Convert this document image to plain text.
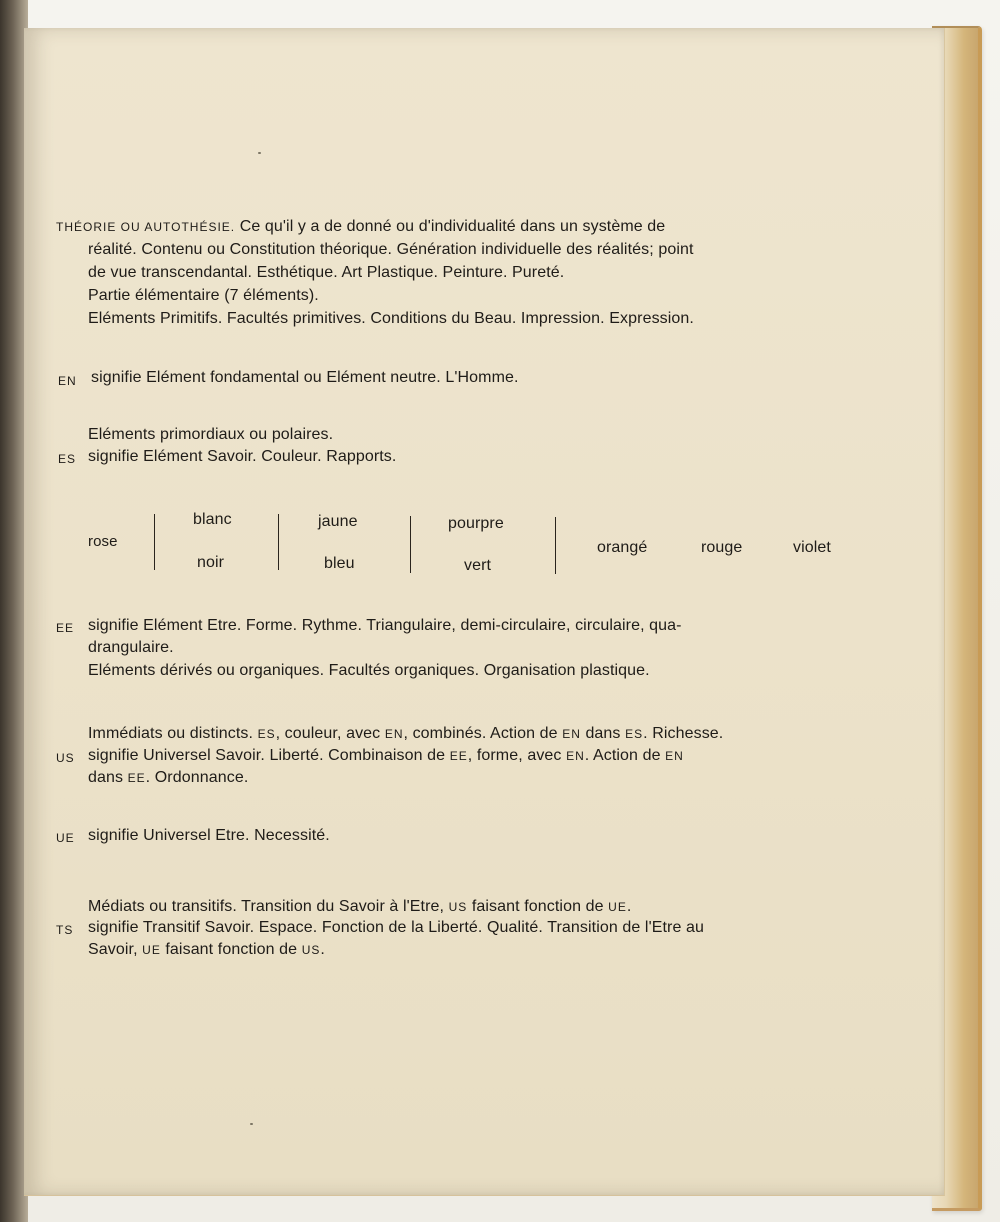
THÉORIE OU AUTOTHÉSIE. Ce qu'il y a de donné ou d'individualité dans un système de
réalité. Contenu ou Constitution théorique. Génération individuelle des réalités; point
de vue transcendantal. Esthétique. Art Plastique. Peinture. Pureté.
Partie élémentaire (7 éléments).
Eléments Primitifs. Facultés primitives. Conditions du Beau. Impression. Expression.
EN signifie Elément fondamental ou Elément neutre. L'Homme.
Eléments primordiaux ou polaires.
ES signifie Elément Savoir. Couleur. Rapports.
rose
blanc
noir
jaune
bleu
pourpre
vert
orangé	rouge	violet
EE signifie Elément Etre. Forme. Rythme. Triangulaire, demi-circulaire, circulaire, qua-
drangulaire.
Eléments dérivés ou organiques. Facultés organiques. Organisation plastique.
Immédiats ou distincts. ES, couleur, avec EN, combinés. Action de EN dans ES. Richesse.
US signifie Universel Savoir. Liberté. Combinaison de EE, forme, avec EN. Action de EN
dans EE. Ordonnance.
UE signifie Universel Etre. Necessité.
Médiats ou transitifs. Transition du Savoir à l'Etre, US faisant fonction de UE.
TS signifie Transitif Savoir. Espace. Fonction de la Liberté. Qualité. Transition de l'Etre au
Savoir, UE faisant fonction de US.
